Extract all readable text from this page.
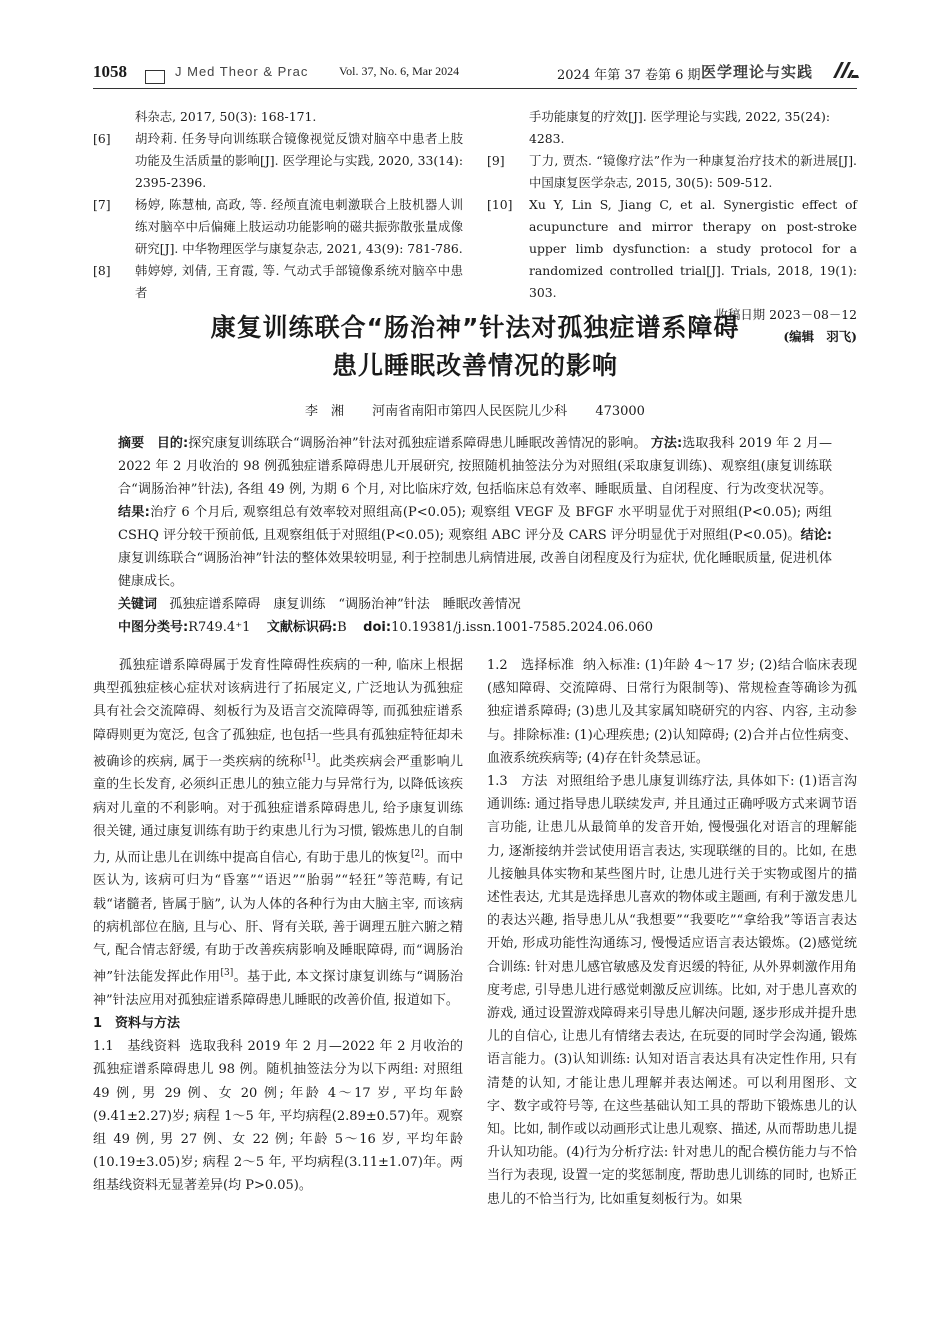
1058	J Med Theor & Prac	Vol. 37, No. 6, Mar 2024	2024 年第 37 卷第 6 期 医学理论与实践
科杂志, 2017, 50(3): 168-171.
[6] 胡玲莉. 任务导向训练联合镜像视觉反馈对脑卒中患者上肢功能及生活质量的影响[J]. 医学理论与实践, 2020, 33(14): 2395-2396.
[7] 杨婷, 陈慧柚, 高政, 等. 经颅直流电刺激联合上肢机器人训练对脑卒中后偏瘫上肢运动功能影响的磁共振弥散张量成像研究[J]. 中华物理医学与康复杂志, 2021, 43(9): 781-786.
[8] 韩婷婷, 刘倩, 王育霞, 等. 气动式手部镜像系统对脑卒中患者
手功能康复的疗效[J]. 医学理论与实践, 2022, 35(24): 4283.
[9] 丁力, 贾杰. “镜像疗法”作为一种康复治疗技术的新进展[J]. 中国康复医学杂志, 2015, 30(5): 509-512.
[10] Xu Y, Lin S, Jiang C, et al. Synergistic effect of acupuncture and mirror therapy on post-stroke upper limb dysfunction: a study protocol for a randomized controlled trial[J]. Trials, 2018, 19(1): 303.
收稿日期 2023－08－12
(编辑　羽飞)
康复训练联合“肠治神”针法对孤独症谱系障碍
患儿睡眠改善情况的影响
李　湘 河南省南阳市第四人民医院儿少科 473000
摘要 目的:探究康复训练联合“调肠治神”针法对孤独症谱系障碍患儿睡眠改善情况的影响。 方法:选取我科 2019 年 2 月—2022 年 2 月收治的 98 例孤独症谱系障碍患儿开展研究, 按照随机抽签法分为对照组(采取康复训练)、观察组(康复训练联合“调肠治神”针法), 各组 49 例, 为期 6 个月, 对比临床疗效, 包括临床总有效率、睡眠质量、自闭程度、行为改变状况等。结果:治疗 6 个月后, 观察组总有效率较对照组高(P<0.05); 观察组 VEGF 及 BFGF 水平明显优于对照组(P<0.05); 两组 CSHQ 评分较干预前低, 且观察组低于对照组(P<0.05); 观察组 ABC 评分及 CARS 评分明显优于对照组(P<0.05)。结论:康复训练联合“调肠治神”针法的整体效果较明显, 利于控制患儿病情进展, 改善自闭程度及行为症状, 优化睡眠质量, 促进机体健康成长。
关键词 孤独症谱系障碍　康复训练　“调肠治神”针法　睡眠改善情况
中图分类号:R749.4⁺1 文献标识码:B doi:10.19381/j.issn.1001-7585.2024.06.060

孤独症谱系障碍属于发育性障碍性疾病的一种, 临床上根据典型孤独症核心症状对该病进行了拓展定义, 广泛地认为孤独症具有社会交流障碍、刻板行为及语言交流障碍等, 而孤独症谱系障碍则更为宽泛, 包含了孤独症, 也包括一些具有孤独症特征却未被确诊的疾病, 属于一类疾病的统称[1]。此类疾病会严重影响儿童的生长发育, 必须纠正患儿的独立能力与异常行为, 以降低该疾病对儿童的不利影响。对于孤独症谱系障碍患儿, 给予康复训练很关键, 通过康复训练有助于约束患儿行为习惯, 锻炼患儿的自制力, 从而让患儿在训练中提高自信心, 有助于患儿的恢复[2]。而中医认为, 该病可归为“昏塞”“语迟”“胎弱”“轻狂”等范畴, 有记载“诸髓者, 皆属于脑”, 认为人体的各种行为由大脑主宰, 而该病的病机部位在脑, 且与心、肝、肾有关联, 善于调理五脏六腑之精气, 配合情志舒缓, 有助于改善疾病影响及睡眠障碍, 而“调肠治神”针法能发挥此作用[3]。基于此, 本文探讨康复训练与“调肠治神”针法应用对孤独症谱系障碍患儿睡眠的改善价值, 报道如下。

1　资料与方法

1.1　基线资料 选取我科 2019 年 2 月—2022 年 2 月收治的孤独症谱系障碍患儿 98 例。随机抽签法分为以下两组: 对照组 49 例, 男 29 例、女 20 例; 年龄 4～17 岁, 平均年龄(9.41±2.27)岁; 病程 1～5 年, 平均病程(2.89±0.57)年。观察组 49 例, 男 27 例、女 22 例; 年龄 5～16 岁, 平均年龄(10.19±3.05)岁; 病程 2～5 年, 平均病程(3.11±1.07)年。两组基线资料无显著差异(均 P>0.05)。

1.2　选择标准 纳入标准: (1)年龄 4～17 岁; (2)结合临床表现(感知障碍、交流障碍、日常行为限制等)、常规检查等确诊为孤独症谱系障碍; (3)患儿及其家属知晓研究的内容、内容, 主动参与。排除标准: (1)心理疾患; (2)认知障碍; (2)合并占位性病变、血液系统疾病等; (4)存在针灸禁忌证。

1.3　方法 对照组给予患儿康复训练疗法, 具体如下: (1)语言沟通训练: 通过指导患儿联续发声, 并且通过正确呼吸方式来调节语言功能, 让患儿从最简单的发音开始, 慢慢强化对语言的理解能力, 逐渐接纳并尝试使用语言表达, 实现联继的目的。比如, 在患儿接触具体实物和某些图片时, 让患儿进行关于实物或图片的描述性表达, 尤其是选择患儿喜欢的物体或主题画, 有利于激发患儿的表达兴趣, 指导患儿从“我想要”“我要吃”“拿给我”等语言表达开始, 形成功能性沟通练习, 慢慢适应语言表达锻炼。(2)感觉统合训练: 针对患儿感官敏感及发育迟缓的特征, 从外界刺激作用角度考虑, 引导患儿进行感觉刺激反应训练。比如, 对于患儿喜欢的游戏, 通过设置游戏障碍来引导患儿解决问题, 逐步形成并提升患儿的自信心, 让患儿有情绪去表达, 在玩耍的同时学会沟通, 锻炼语言能力。(3)认知训练: 认知对语言表达具有决定性作用, 只有清楚的认知, 才能让患儿理解并表达阐述。可以利用图形、文字、数字或符号等, 在这些基础认知工具的帮助下锻炼患儿的认知。比如, 制作或以动画形式让患儿观察、描述, 从而帮助患儿提升认知功能。(4)行为分析疗法: 针对患儿的配合模仿能力与不恰当行为表现, 设置一定的奖惩制度, 帮助患儿训练的同时, 也矫正患儿的不恰当行为, 比如重复刻板行为。如果
